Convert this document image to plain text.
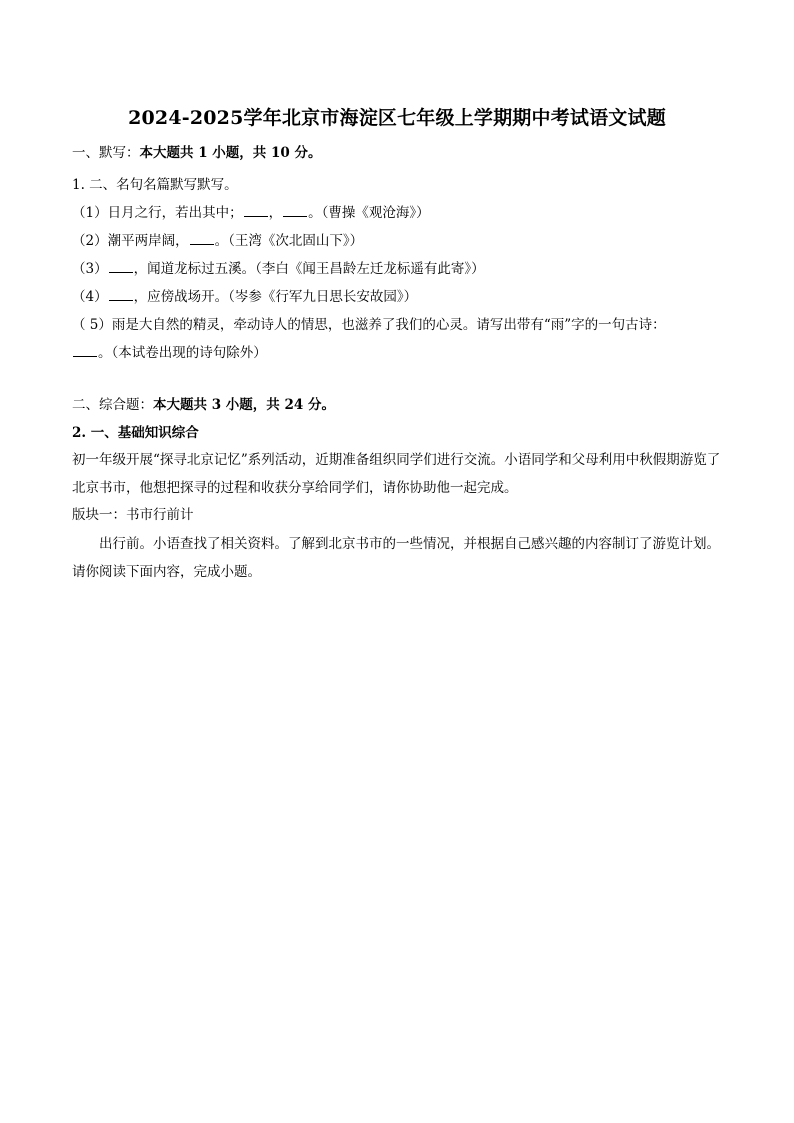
2024-2025学年北京市海淀区七年级上学期期中考试语文试题
一、默写：本大题共 1 小题，共 10 分。
1. 二、名句名篇默写默写。
（1）日月之行，若出其中； ， 。（曹操《观沧海》）
（2）潮平两岸阔， 。（王湾《次北固山下》）
（3） ，闻道龙标过五溪。（李白《闻王昌龄左迁龙标遥有此寄》）
（4） ，应傍战场开。（岑参《行军九日思长安故园》）
（ 5）雨是大自然的精灵，牵动诗人的情思，也滋养了我们的心灵。请写出带有“雨”字的一句古诗：
。（本试卷出现的诗句除外）
二、综合题：本大题共 3 小题，共 24 分。
2. 一、基础知识综合
初一年级开展“探寻北京记忆”系列活动，近期准备组织同学们进行交流。小语同学和父母利用中秋假期游览了北京书市，他想把探寻的过程和收获分享给同学们，请你协助他一起完成。
版块一：书市行前计
出行前。小语查找了相关资料。了解到北京书市的一些情况，并根据自己感兴趣的内容制订了游览计划。请你阅读下面内容，完成小题。
